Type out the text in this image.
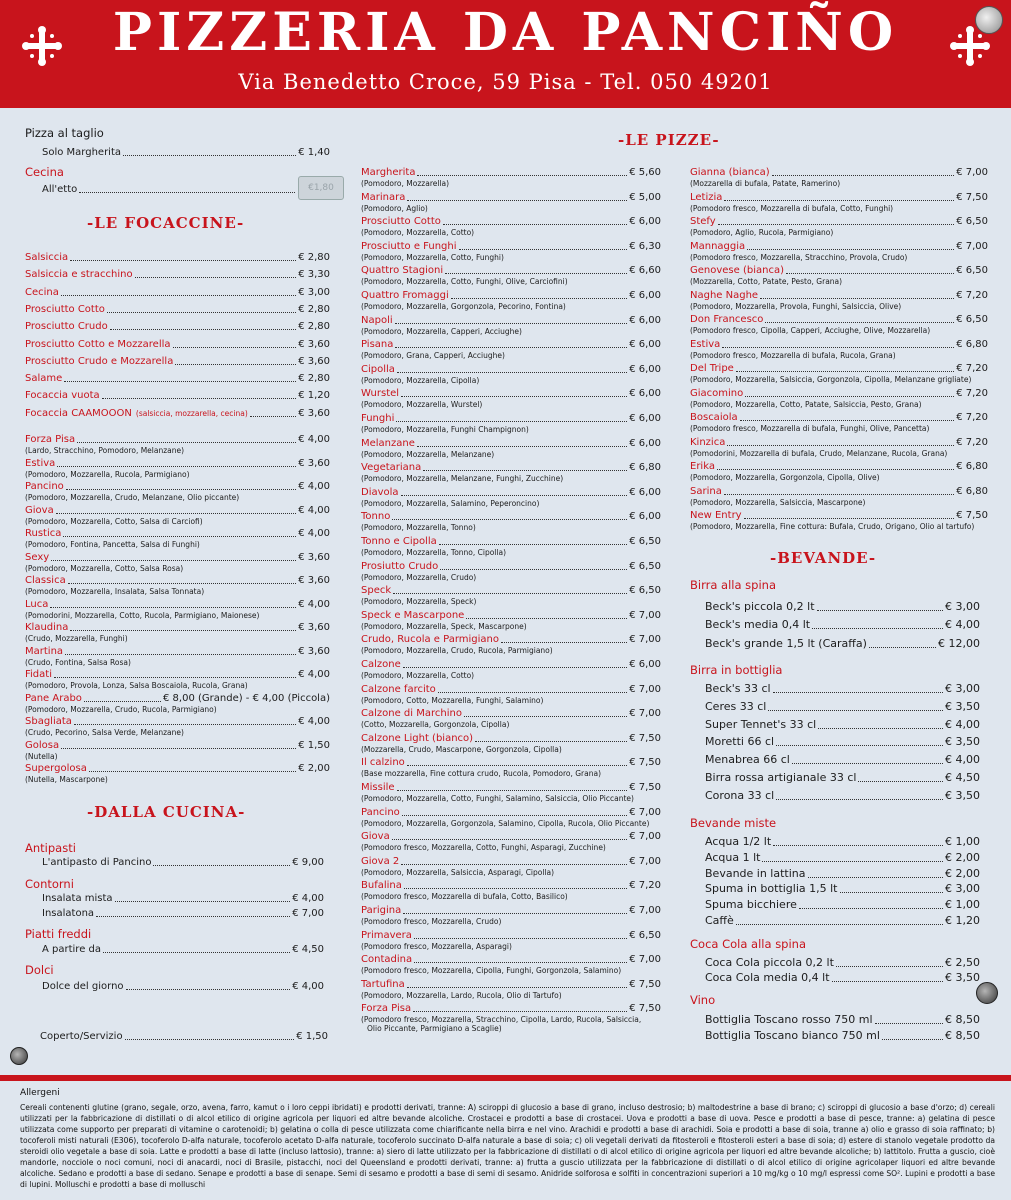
PIZZERIA DA PANCIÑO
Via Benedetto Croce, 59 Pisa - Tel. 050 49201
Pizza al taglio
Solo Margherita	€ 1,40
Cecina
All'etto
-LE FOCACCINE-
Salsiccia	€ 2,80
Salsiccia e stracchino	€ 3,30
Cecina	€ 3,00
Prosciutto Cotto	€ 2,80
Prosciutto Crudo	€ 2,80
Prosciutto Cotto e Mozzarella	€ 3,60
Prosciutto Crudo e Mozzarella	€ 3,60
Salame	€ 2,80
Focaccia vuota	€ 1,20
Focaccia CAAMOOON (salsiccia, mozzarella, cecina)	€ 3,60
Forza Pisa	€ 4,00
(Lardo, Stracchino, Pomodoro, Melanzane)
Estiva	€ 3,60
(Pomodoro, Mozzarella, Rucola, Parmigiano)
Pancino	€ 4,00
(Pomodoro, Mozzarella, Crudo, Melanzane, Olio piccante)
Giova	€ 4,00
(Pomodoro, Mozzarella, Cotto, Salsa di Carciofi)
Rustica	€ 4,00
(Pomodoro, Fontina, Pancetta, Salsa di Funghi)
Sexy	€ 3,60
(Pomodoro, Mozzarella, Cotto, Salsa Rosa)
Classica	€ 3,60
(Pomodoro, Mozzarella, Insalata, Salsa Tonnata)
Luca	€ 4,00
(Pomodorini, Mozzarella, Cotto, Rucola, Parmigiano, Maionese)
Klaudina	€ 3,60
(Crudo, Mozzarella, Funghi)
Martina	€ 3,60
(Crudo, Fontina, Salsa Rosa)
Fidati	€ 4,00
(Pomodoro, Provola, Lonza, Salsa Boscaiola, Rucola, Grana)
Pane Arabo	€ 8,00 (Grande) - € 4,00 (Piccola)
(Pomodoro, Mozzarella, Crudo, Rucola, Parmigiano)
Sbagliata	€ 4,00
(Crudo, Pecorino, Salsa Verde, Melanzane)
Golosa	€ 1,50
(Nutella)
Supergolosa	€ 2,00
(Nutella, Mascarpone)
-DALLA CUCINA-
Antipasti
L'antipasto di Pancino	€ 9,00
Contorni
Insalata mista	€ 4,00
Insalatona	€ 7,00
Piatti freddi
A partire da	€ 4,50
Dolci
Dolce del giorno	€ 4,00
Coperto/Servizio	€ 1,50
€1,80
-LE PIZZE-
Margherita	€ 5,60
(Pomodoro, Mozzarella)
Marinara	€ 5,00
(Pomodoro, Aglio)
Prosciutto Cotto	€ 6,00
(Pomodoro, Mozzarella, Cotto)
Prosciutto e Funghi	€ 6,30
(Pomodoro, Mozzarella, Cotto, Funghi)
Quattro Stagioni	€ 6,60
(Pomodoro, Mozzarella, Cotto, Funghi, Olive, Carciofini)
Quattro Fromaggi	€ 6,00
(Pomodoro, Mozzarella, Gorgonzola, Pecorino, Fontina)
Napoli	€ 6,00
(Pomodoro, Mozzarella, Capperi, Acciughe)
Pisana	€ 6,00
(Pomodoro, Grana, Capperi, Acciughe)
Cipolla	€ 6,00
(Pomodoro, Mozzarella, Cipolla)
Wurstel	€ 6,00
(Pomodoro, Mozzarella, Wurstel)
Funghi	€ 6,00
(Pomodoro, Mozzarella, Funghi Champignon)
Melanzane	€ 6,00
(Pomodoro, Mozzarella, Melanzane)
Vegetariana	€ 6,80
(Pomodoro, Mozzarella, Melanzane, Funghi, Zucchine)
Diavola	€ 6,00
(Pomodoro, Mozzarella, Salamino, Peperoncino)
Tonno	€ 6,00
(Pomodoro, Mozzarella, Tonno)
Tonno e Cipolla	€ 6,50
(Pomodoro, Mozzarella, Tonno, Cipolla)
Prosiutto Crudo	€ 6,50
(Pomodoro, Mozzarella, Crudo)
Speck	€ 6,50
(Pomodoro, Mozzarella, Speck)
Speck e Mascarpone	€ 7,00
(Pomodoro, Mozzarella, Speck, Mascarpone)
Crudo, Rucola e Parmigiano	€ 7,00
(Pomodoro, Mozzarella, Crudo, Rucola, Parmigiano)
Calzone	€ 6,00
(Pomodoro, Mozzarella, Cotto)
Calzone farcito	€ 7,00
(Pomodoro, Cotto, Mozzarella, Funghi, Salamino)
Calzone di Marchino	€ 7,00
(Cotto, Mozzarella, Gorgonzola, Cipolla)
Calzone Light (bianco)	€ 7,50
(Mozzarella, Crudo, Mascarpone, Gorgonzola, Cipolla)
Il calzino	€ 7,50
(Base mozzarella, Fine cottura crudo, Rucola, Pomodoro, Grana)
Missile	€ 7,50
(Pomodoro, Mozzarella, Cotto, Funghi, Salamino, Salsiccia, Olio Piccante)
Pancino	€ 7,00
(Pomodoro, Mozzarella, Gorgonzola, Salamino, Cipolla, Rucola, Olio Piccante)
Giova	€ 7,00
(Pomodoro fresco, Mozzarella, Cotto, Funghi, Asparagi, Zucchine)
Giova 2	€ 7,00
(Pomodoro, Mozzarella, Salsiccia, Asparagi, Cipolla)
Bufalina	€ 7,20
(Pomodoro fresco, Mozzarella di bufala, Cotto, Basilico)
Parigina	€ 7,00
(Pomodoro fresco, Mozzarella, Crudo)
Primavera	€ 6,50
(Pomodoro fresco, Mozzarella, Asparagi)
Contadina	€ 7,00
(Pomodoro fresco, Mozzarella, Cipolla, Funghi, Gorgonzola, Salamino)
Tartufina	€ 7,50
(Pomodoro, Mozzarella, Lardo, Rucola, Olio di Tartufo)
Forza Pisa	€ 7,50
(Pomodoro fresco, Mozzarella, Stracchino, Cipolla, Lardo, Rucola, Salsiccia,
Olio Piccante, Parmigiano a Scaglie)
Gianna (bianca)	€ 7,00
(Mozzarella di bufala, Patate, Ramerino)
Letizia	€ 7,50
(Pomodoro fresco, Mozzarella di bufala, Cotto, Funghi)
Stefy	€ 6,50
(Pomodoro, Aglio, Rucola, Parmigiano)
Mannaggia	€ 7,00
(Pomodoro fresco, Mozzarella, Stracchino, Provola, Crudo)
Genovese (bianca)	€ 6,50
(Mozzarella, Cotto, Patate, Pesto, Grana)
Naghe Naghe	€ 7,20
(Pomodoro, Mozzarella, Provola, Funghi, Salsiccia, Olive)
Don Francesco	€ 6,50
(Pomodoro fresco, Cipolla, Capperi, Acciughe, Olive, Mozzarella)
Estiva	€ 6,80
(Pomodoro fresco, Mozzarella di bufala, Rucola, Grana)
Del Tripe	€ 7,20
(Pomodoro, Mozzarella, Salsiccia, Gorgonzola, Cipolla, Melanzane grigliate)
Giacomino	€ 7,20
(Pomodoro, Mozzarella, Cotto, Patate, Salsiccia, Pesto, Grana)
Boscaiola	€ 7,20
(Pomodoro fresco, Mozzarella di bufala, Funghi, Olive, Pancetta)
Kinzica	€ 7,20
(Pomodorini, Mozzarella di bufala, Crudo, Melanzane, Rucola, Grana)
Erika	€ 6,80
(Pomodoro, Mozzarella, Gorgonzola, Cipolla, Olive)
Sarina	€ 6,80
(Pomodoro, Mozzarella, Salsiccia, Mascarpone)
New Entry	€ 7,50
(Pomodoro, Mozzarella, Fine cottura: Bufala, Crudo, Origano, Olio al tartufo)
-BEVANDE-
Birra alla spina
Beck's piccola 0,2 lt	€ 3,00
Beck's media 0,4 lt	€ 4,00
Beck's grande 1,5 lt (Caraffa)	€ 12,00
Birra in bottiglia
Beck's 33 cl	€ 3,00
Ceres 33 cl	€ 3,50
Super Tennet's 33 cl	€ 4,00
Moretti 66 cl	€ 3,50
Menabrea 66 cl	€ 4,00
Birra rossa artigianale 33 cl	€ 4,50
Corona 33 cl	€ 3,50
Bevande miste
Acqua 1/2 lt	€ 1,00
Acqua 1 lt	€ 2,00
Bevande in lattina	€ 2,00
Spuma in bottiglia 1,5 lt	€ 3,00
Spuma bicchiere	€ 1,00
Caffè	€ 1,20
Coca Cola alla spina
Coca Cola piccola 0,2 lt	€ 2,50
Coca Cola media 0,4 lt	€ 3,50
Vino
Bottiglia Toscano rosso 750 ml	€ 8,50
Bottiglia Toscano bianco 750 ml	€ 8,50
Allergeni
Cereali contenenti glutine (grano, segale, orzo, avena, farro, kamut o i loro ceppi ibridati) e prodotti derivati, tranne: A) sciroppi di glucosio a base di grano, incluso destrosio; b) maltodestrine a base di brano; c) sciroppi di glucosio a base d'orzo; d) cereali utilizzati per la fabbricazione di distillati o di alcol etilico di origine agricola per liquori ed altre bevande alcoliche. Crostacei e prodotti a base di crostacei. Uova e prodotti a base di uova. Pesce e prodotti a base di pesce, tranne: a) gelatina di pesce utilizzata come supporto per preparati di vitamine o carotenoidi; b) gelatina o colla di pesce utilizzata come chiarificante nella birra e nel vino. Arachidi e prodotti a base di arachidi. Soia e prodotti a base di soia, tranne a) olio e grasso di soia raffinato; b) tocoferoli misti naturali (E306), tocoferolo D-alfa naturale, tocoferolo acetato D-alfa naturale, tocoferolo succinato D-alfa naturale a base di soia; c) oli vegetali derivati da fitosteroli e fitosteroli esteri a base di soia; d) estere di stanolo vegetale prodotto da steroidi olio vegetale a base di soia. Latte e prodotti a base di latte (incluso lattosio), tranne: a) siero di latte utilizzato per la fabbricazione di distillati o di alcol etilico di origine agricola per liquori ed altre bevande alcoliche; b) lattitolo. Frutta a guscio, cioè mandorle, nocciole o noci comuni, noci di anacardi, noci di Brasile, pistacchi, noci del Queensland e prodotti derivati, tranne: a) frutta a guscio utilizzata per la fabbricazione di distillati o di alcol etilico di origine agricolaper liquori ed altre bevande alcoliche. Sedano e prodotti a base di sedano. Senape e prodotti a base di senape. Semi di sesamo e prodotti a base di semi di sesamo. Anidride solforosa e solfiti in concentrazioni superiori a 10 mg/kg o 10 mg/l espressi come SO². Lupini e prodotti a base di lupini. Molluschi e prodotti a base di molluschi
